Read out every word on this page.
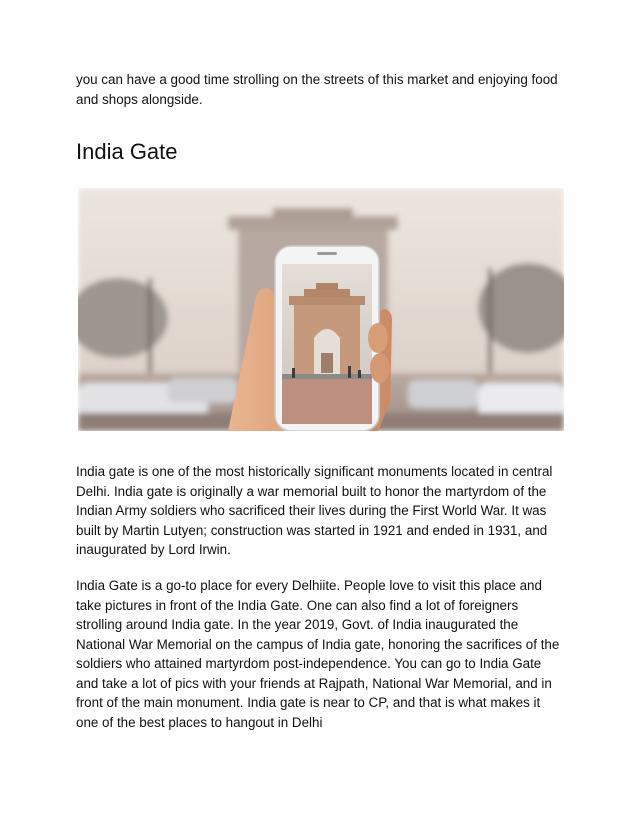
you can have a good time strolling on the streets of this market and enjoying food and shops alongside.

India Gate

India gate is one of the most historically significant monuments located in central Delhi. India gate is originally a war memorial built to honor the martyrdom of the Indian Army soldiers who sacrificed their lives during the First World War. It was built by Martin Lutyen; construction was started in 1921 and ended in 1931, and inaugurated by Lord Irwin.

India Gate is a go-to place for every Delhiite. People love to visit this place and take pictures in front of the India Gate. One can also find a lot of foreigners strolling around India gate. In the year 2019, Govt. of India inaugurated the National War Memorial on the campus of India gate, honoring the sacrifices of the soldiers who attained martyrdom post-independence. You can go to India Gate and take a lot of pics with your friends at Rajpath, National War Memorial, and in front of the main monument. India gate is near to CP, and that is what makes it one of the best places to hangout in Delhi
